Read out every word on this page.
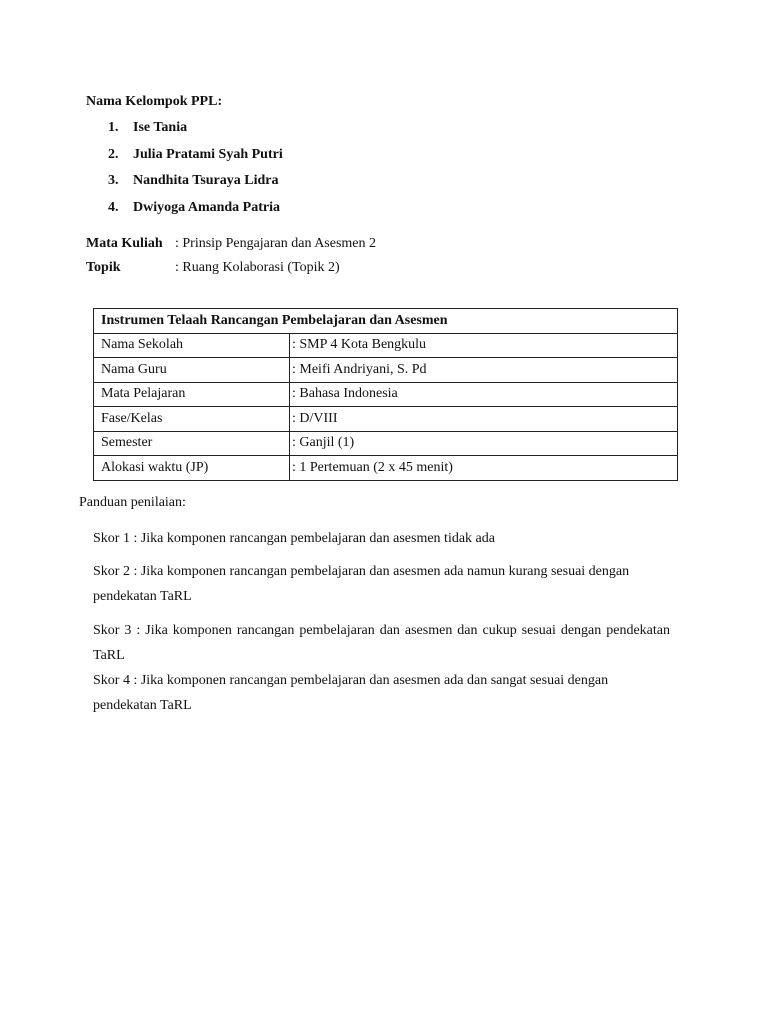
Nama Kelompok PPL:
1. Ise Tania
2. Julia Pratami Syah Putri
3. Nandhita Tsuraya Lidra
4. Dwiyoga Amanda Patria
Mata Kuliah : Prinsip Pengajaran dan Asesmen 2
Topik	: Ruang Kolaborasi (Topik 2)
Instrumen Telaah Rancangan Pembelajaran dan Asesmen	
Nama Sekolah	: SMP 4 Kota Bengkulu
Nama Guru	: Meifi Andriyani, S. Pd
Mata Pelajaran	: Bahasa Indonesia
Fase/Kelas	: D/VIII
Semester	: Ganjil (1)
Alokasi waktu (JP)	: 1 Pertemuan (2 x 45 menit)
Panduan penilaian:
Skor 1 : Jika komponen rancangan pembelajaran dan asesmen tidak ada
Skor 2 : Jika komponen rancangan pembelajaran dan asesmen ada namun kurang sesuai dengan pendekatan TaRL
Skor 3 : Jika komponen rancangan pembelajaran dan asesmen dan cukup sesuai dengan pendekatan TaRL
Skor 4 : Jika komponen rancangan pembelajaran dan asesmen ada dan sangat sesuai dengan pendekatan TaRL
